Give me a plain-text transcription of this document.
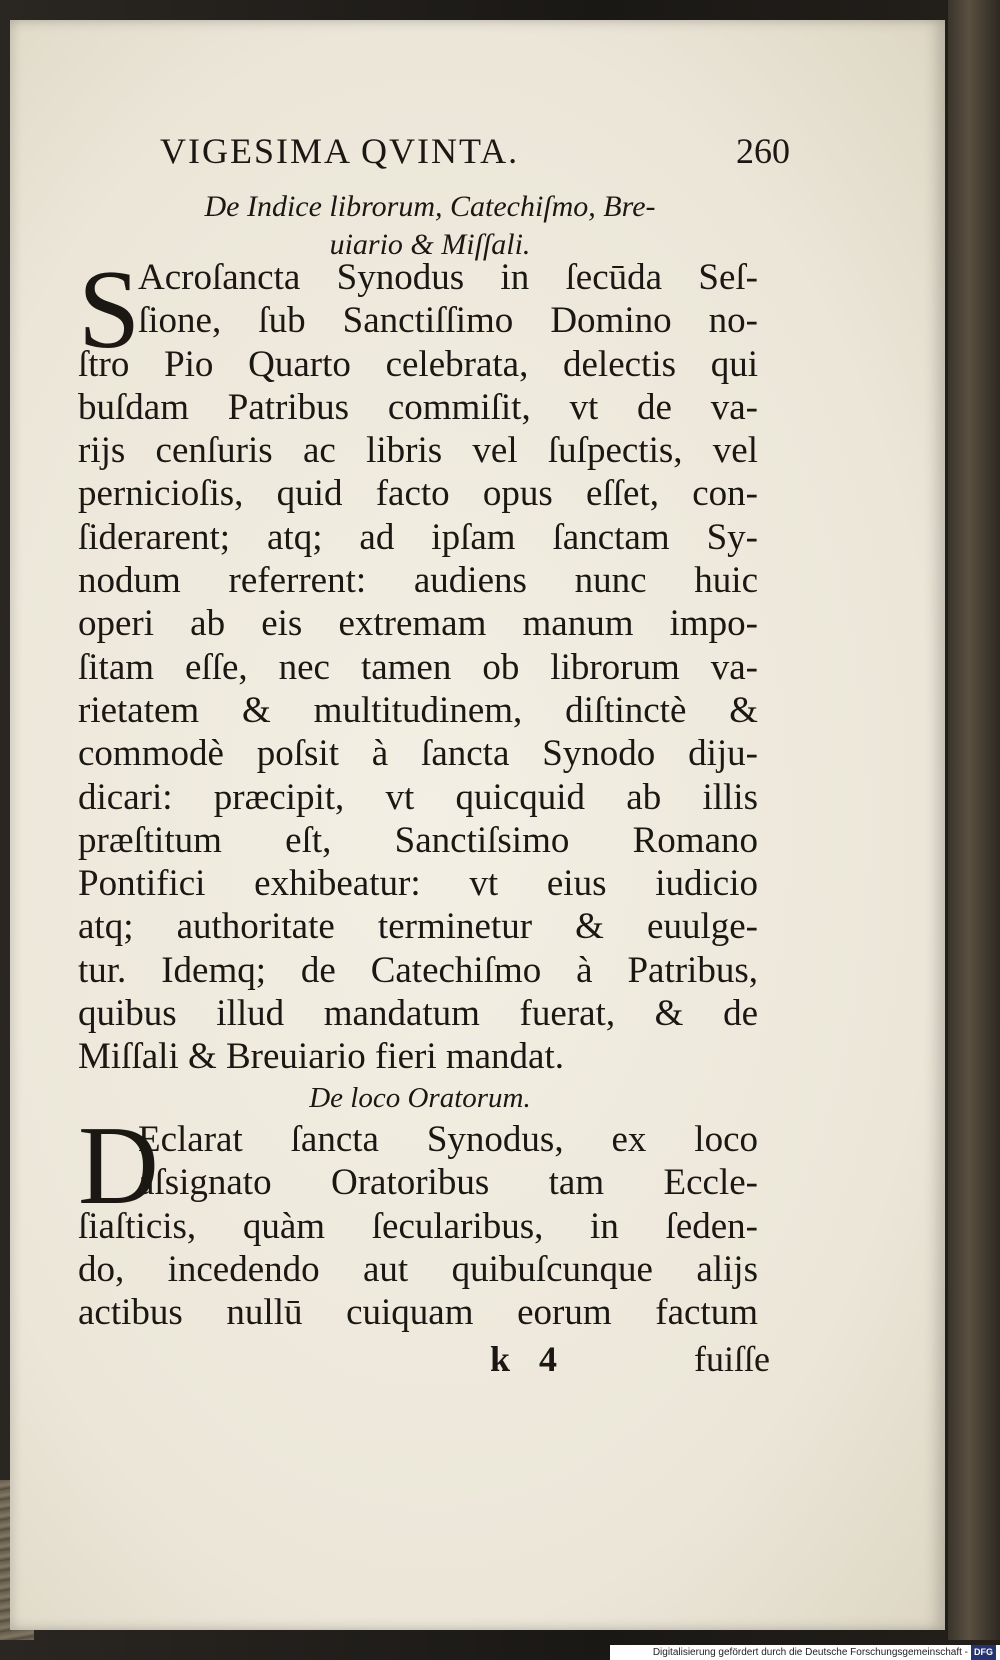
VIGESIMA QVINTA.	260
De Indice librorum, Catechiſmo, Bre-
uiario & Miſſali.
S
Acroſancta Synodus in ſecūda Seſ-
ſione, ſub Sanctiſſimo Domino no-
ſtro Pio Quarto celebrata, delectis qui
buſdam Patribus commiſit, vt de va-
rijs cenſuris ac libris vel ſuſpectis, vel
pernicioſis, quid facto opus eſſet, con-
ſiderarent; atq; ad ipſam ſanctam Sy-
nodum referrent: audiens nunc huic
operi ab eis extremam manum impo-
ſitam eſſe, nec tamen ob librorum va-
rietatem & multitudinem, diſtinctè &
commodè poſsit à ſancta Synodo diju-
dicari: præcipit, vt quicquid ab illis
præſtitum eſt, Sanctiſsimo Romano
Pontifici exhibeatur: vt eius iudicio
atq; authoritate terminetur & euulge-
tur. Idemq; de Catechiſmo à Patribus,
quibus illud mandatum fuerat, & de
Miſſali & Breuiario fieri mandat.
De loco Oratorum.
D
Eclarat ſancta Synodus, ex loco
aſsignato Oratoribus tam Eccle-
ſiaſticis, quàm ſecularibus, in ſeden-
do, incedendo aut quibuſcunque alijs
actibus nullū cuiquam eorum factum
k 4	fuiſſe
Digitalisierung gefördert durch die Deutsche Forschungsgemeinschaft - DFG
